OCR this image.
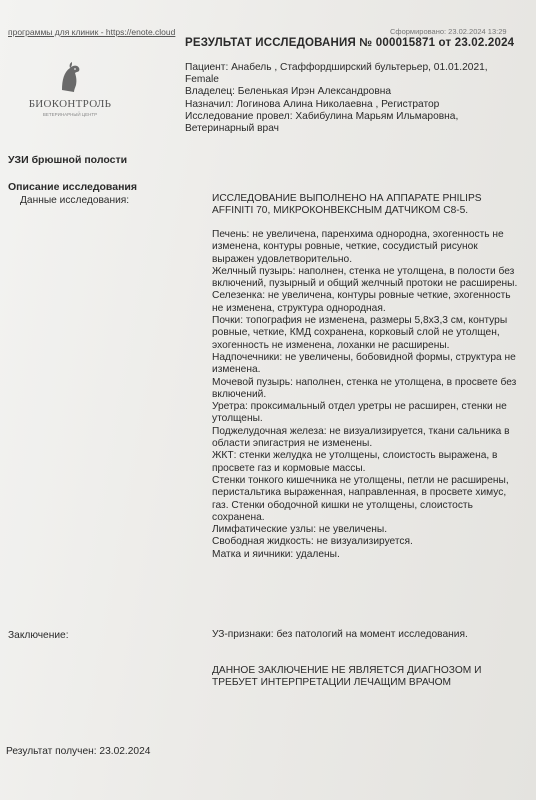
программы для клиник - https://enote.cloud	Сформировано: 23.02.2024 13:29
БИОКОНТРОЛЬ
ВЕТЕРИНАРНЫЙ ЦЕНТР
РЕЗУЛЬТАТ ИССЛЕДОВАНИЯ № 000015871 от 23.02.2024
Пациент: Анабель , Стаффордширский бультерьер, 01.01.2021, Female
Владелец: Беленькая Ирэн Александровна
Назначил: Логинова Алина Николаевна , Регистратор
Исследование провел: Хабибулина Марьям Ильмаровна, Ветеринарный врач
УЗИ брюшной полости
Описание исследования
Данные исследования:	ИССЛЕДОВАНИЕ ВЫПОЛНЕНО НА АППАРАТЕ PHILIPS AFFINITI 70, МИКРОКОНВЕКСНЫМ ДАТЧИКОМ C8-5.

Печень: не увеличена, паренхима однородна, эхогенность не изменена, контуры ровные, четкие, сосудистый рисунок выражен удовлетворительно.

Желчный пузырь: наполнен, стенка не утолщена, в полости без включений, пузырный и общий желчный протоки не расширены.

Селезенка: не увеличена, контуры ровные четкие, эхогенность не изменена, структура однородная.

Почки: топография не изменена, размеры 5,8х3,3 см, контуры ровные, четкие, КМД сохранена, корковый слой не утолщен, эхогенность не изменена, лоханки не расширены.

Надпочечники: не увеличены, бобовидной формы, структура не изменена.

Мочевой пузырь: наполнен, стенка не утолщена, в просвете без включений.

Уретра: проксимальный отдел уретры не расширен, стенки не утолщены.

Поджелудочная железа: не визуализируется, ткани сальника в области эпигастрия не изменены.

ЖКТ: стенки желудка не утолщены, слоистость выражена, в просвете газ и кормовые массы.

Стенки тонкого кишечника не утолщены, петли не расширены, перистальтика выраженная, направленная, в просвете химус, газ. Стенки ободочной кишки не утолщены, слоистость сохранена.

Лимфатические узлы: не увеличены.

Свободная жидкость: не визуализируется.

Матка и яичники: удалены.

Заключение:	УЗ-признаки: без патологий на момент исследования.
ДАННОЕ ЗАКЛЮЧЕНИЕ НЕ ЯВЛЯЕТСЯ ДИАГНОЗОМ И ТРЕБУЕТ ИНТЕРПРЕТАЦИИ ЛЕЧАЩИМ ВРАЧОМ
Результат получен: 23.02.2024
